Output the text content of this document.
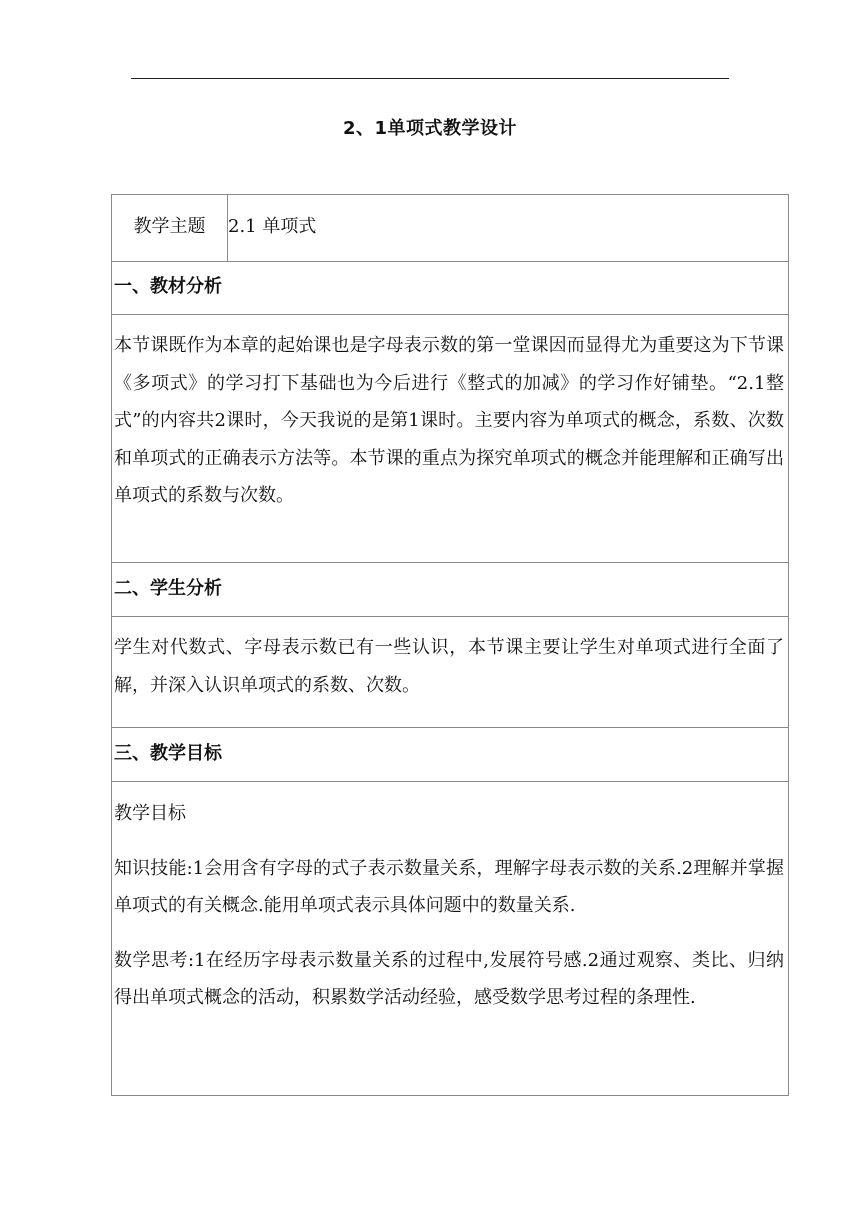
2、1单项式教学设计
教学主题	2.1 单项式
一、教材分析
本节课既作为本章的起始课也是字母表示数的第一堂课因而显得尤为重要这为下节课《多项式》的学习打下基础也为今后进行《整式的加减》的学习作好铺垫。“2.1整式”的内容共2课时，今天我说的是第1课时。主要内容为单项式的概念，系数、次数和单项式的正确表示方法等。本节课的重点为探究单项式的概念并能理解和正确写出单项式的系数与次数。
二、学生分析
学生对代数式、字母表示数已有一些认识，本节课主要让学生对单项式进行全面了解，并深入认识单项式的系数、次数。
三、教学目标
教学目标
知识技能:1会用含有字母的式子表示数量关系，理解字母表示数的关系.2理解并掌握单项式的有关概念.能用单项式表示具体问题中的数量关系.
数学思考:1在经历字母表示数量关系的过程中,发展符号感.2通过观察、类比、归纳得出单项式概念的活动，积累数学活动经验，感受数学思考过程的条理性.
